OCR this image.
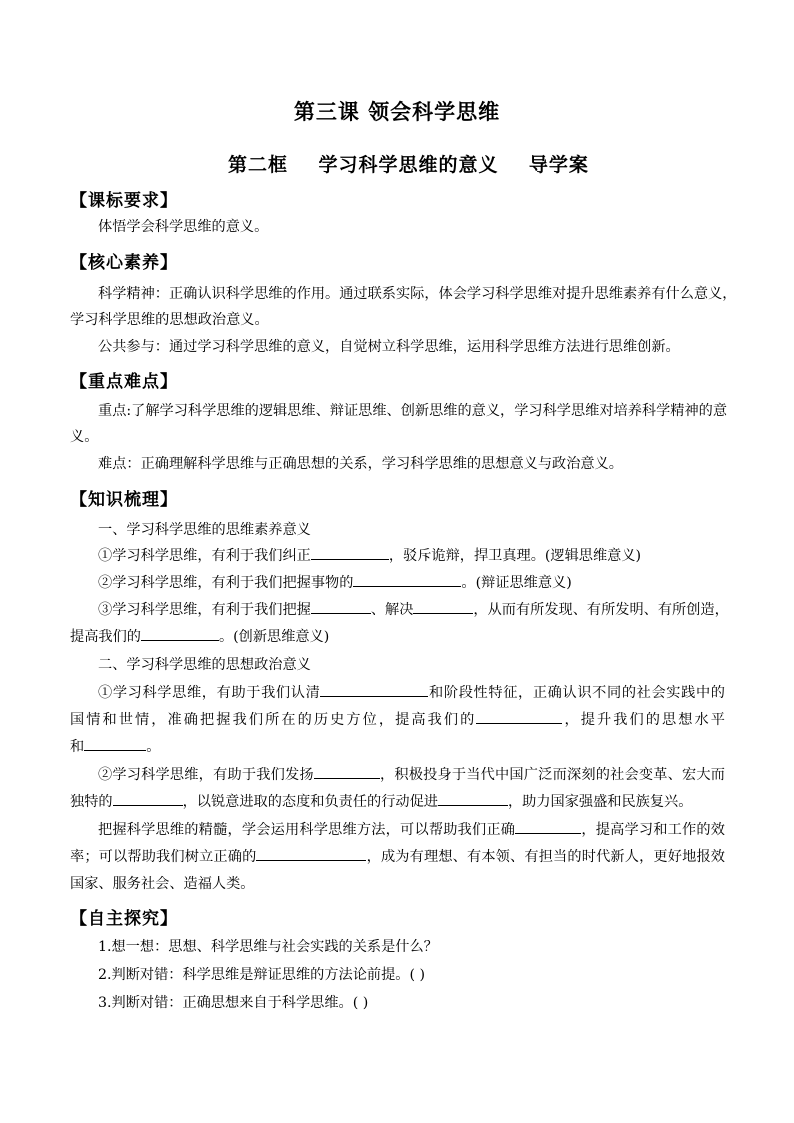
第三课 领会科学思维
第二框    学习科学思维的意义    导学案
【课标要求】
体悟学会科学思维的意义。
【核心素养】
科学精神：正确认识科学思维的作用。通过联系实际，体会学习科学思维对提升思维素养有什么意义，
学习科学思维的思想政治意义。
公共参与：通过学习科学思维的意义，自觉树立科学思维，运用科学思维方法进行思维创新。
【重点难点】
重点:了解学习科学思维的逻辑思维、辩证思维、创新思维的意义，学习科学思维对培养科学精神的意
义。
难点：正确理解科学思维与正确思想的关系，学习科学思维的思想意义与政治意义。
【知识梳理】
一、学习科学思维的思维素养意义
①学习科学思维，有利于我们纠正	，驳斥诡辩，捍卫真理。(逻辑思维意义)
②学习科学思维，有利于我们把握事物的	。(辩证思维意义)
③学习科学思维，有利于我们把握	、解决	，从而有所发现、有所发明、有所创造，
提高我们的	。(创新思维意义)
二、学习科学思维的思想政治意义
①学习科学思维，有助于我们认清	和阶段性特征，正确认识不同的社会实践中的
国情和世情，准确把握我们所在的历史方位，提高我们的	，提升我们的思想水平
和	。
②学习科学思维，有助于我们发扬	，积极投身于当代中国广泛而深刻的社会变革、宏大而
独特的	，以锐意进取的态度和负责任的行动促进	，助力国家强盛和民族复兴。
把握科学思维的精髓，学会运用科学思维方法，可以帮助我们正确	，提高学习和工作的效
率；可以帮助我们树立正确的	，成为有理想、有本领、有担当的时代新人，更好地报效
国家、服务社会、造福人类。
【自主探究】
1.想一想：思想、科学思维与社会实践的关系是什么？
2.判断对错：科学思维是辩证思维的方法论前提。( )
3.判断对错：正确思想来自于科学思维。( )
